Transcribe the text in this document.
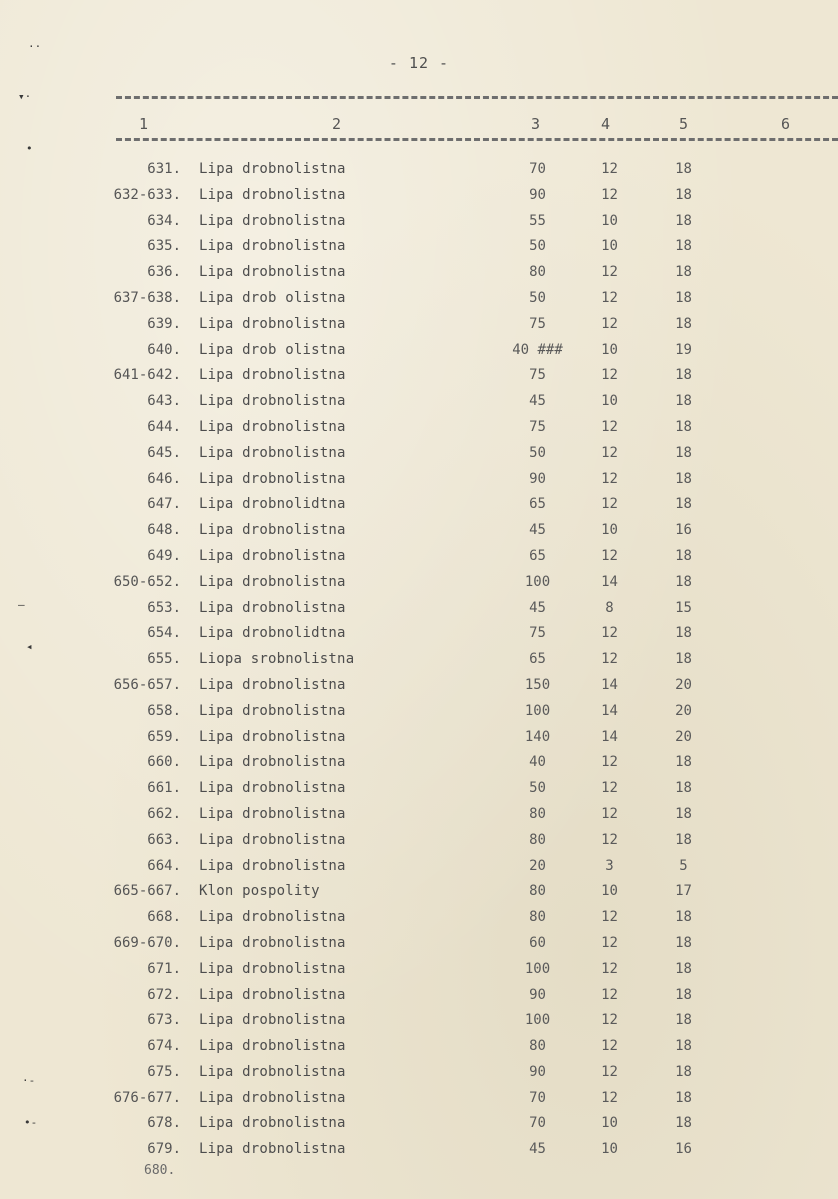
- 12 -
1	2	3	4	5	6
631. Lipa drobnolistna	70	12	18
632-633. Lipa drobnolistna	90	12	18
634. Lipa drobnolistna	55	10	18
635. Lipa drobnolistna	50	10	18
636. Lipa drobnolistna	80	12	18
637-638. Lipa drob olistna	50	12	18
639. Lipa drobnolistna	75	12	18
640. Lipa drob olistna	40 ###	10	19
641-642. Lipa drobnolistna	75	12	18
643. Lipa drobnolistna	45	10	18
644. Lipa drobnolistna	75	12	18
645. Lipa drobnolistna	50	12	18
646. Lipa drobnolistna	90	12	18
647. Lipa drobnolidtna	65	12	18
648. Lipa drobnolistna	45	10	16
649. Lipa drobnolistna	65	12	18
650-652. Lipa drobnolistna	100	14	18
653. Lipa drobnolistna	45	8	15
654. Lipa drobnolidtna	75	12	18
655. Liopa srobnolistna	65	12	18
656-657. Lipa drobnolistna	150	14	20
658. Lipa drobnolistna	100	14	20
659. Lipa drobnolistna	140	14	20
660. Lipa drobnolistna	40	12	18
661. Lipa drobnolistna	50	12	18
662. Lipa drobnolistna	80	12	18
663. Lipa drobnolistna	80	12	18
664. Lipa drobnolistna	20	3	5
665-667. Klon pospolity	80	10	17
668. Lipa drobnolistna	80	12	18
669-670. Lipa drobnolistna	60	12	18
671. Lipa drobnolistna	100	12	18
672. Lipa drobnolistna	90	12	18
673. Lipa drobnolistna	100	12	18
674. Lipa drobnolistna	80	12	18
675. Lipa drobnolistna	90	12	18
676-677. Lipa drobnolistna	70	12	18
678. Lipa drobnolistna	70	10	18
679. Lipa drobnolistna	45	10	16
680.
··
▾·
•
—
◂
·-
•-
